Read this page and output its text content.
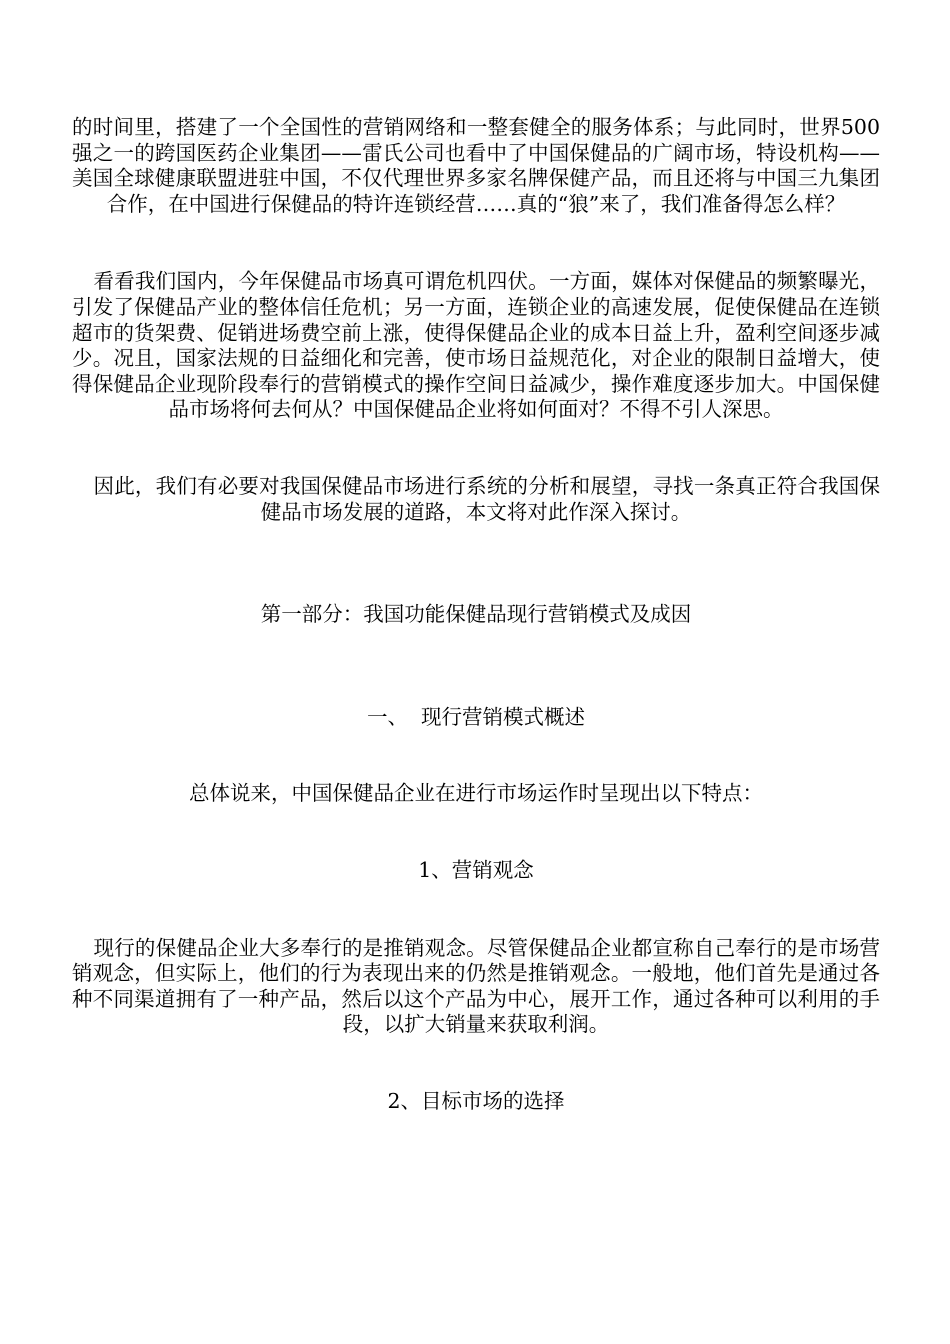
的时间里，搭建了一个全国性的营销网络和一整套健全的服务体系；与此同时，世界500强之一的跨国医药企业集团——雷氏公司也看中了中国保健品的广阔市场，特设机构——美国全球健康联盟进驻中国，不仅代理世界多家名牌保健产品，而且还将与中国三九集团合作，在中国进行保健品的特许连锁经营……真的“狼”来了，我们准备得怎么样？

看看我们国内，今年保健品市场真可谓危机四伏。一方面，媒体对保健品的频繁曝光，引发了保健品产业的整体信任危机；另一方面，连锁企业的高速发展，促使保健品在连锁超市的货架费、促销进场费空前上涨，使得保健品企业的成本日益上升，盈利空间逐步减少。况且，国家法规的日益细化和完善，使市场日益规范化，对企业的限制日益增大，使得保健品企业现阶段奉行的营销模式的操作空间日益减少，操作难度逐步加大。中国保健品市场将何去何从？中国保健品企业将如何面对？不得不引人深思。

因此，我们有必要对我国保健品市场进行系统的分析和展望，寻找一条真正符合我国保健品市场发展的道路，本文将对此作深入探讨。

第一部分：我国功能保健品现行营销模式及成因

一、  现行营销模式概述

总体说来，中国保健品企业在进行市场运作时呈现出以下特点：

1、营销观念

现行的保健品企业大多奉行的是推销观念。尽管保健品企业都宣称自己奉行的是市场营销观念，但实际上，他们的行为表现出来的仍然是推销观念。一般地，他们首先是通过各种不同渠道拥有了一种产品，然后以这个产品为中心，展开工作，通过各种可以利用的手段，以扩大销量来获取利润。

2、目标市场的选择
